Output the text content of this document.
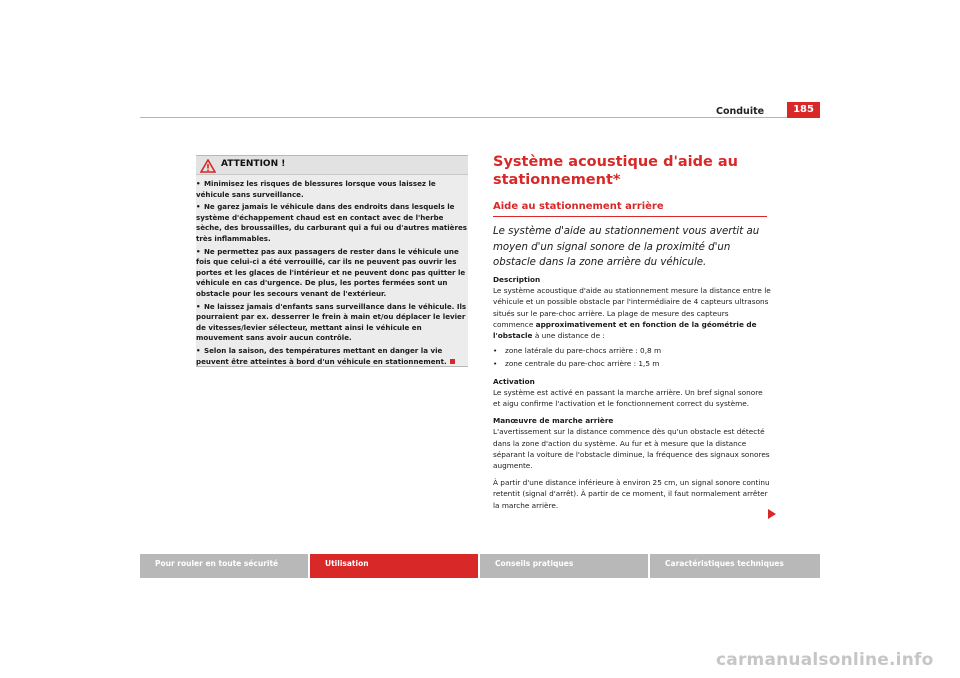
Conduite	185
ATTENTION !
• Minimisez les risques de blessures lorsque vous laissez le véhicule sans surveillance.
• Ne garez jamais le véhicule dans des endroits dans lesquels le système d'échappement chaud est en contact avec de l'herbe sèche, des broussailles, du carburant qui a fui ou d'autres matières très inflammables.
• Ne permettez pas aux passagers de rester dans le véhicule une fois que celui-ci a été verrouillé, car ils ne peuvent pas ouvrir les portes et les glaces de l'intérieur et ne peuvent donc pas quitter le véhicule en cas d'urgence. De plus, les portes fermées sont un obstacle pour les secours venant de l'extérieur.
• Ne laissez jamais d'enfants sans surveillance dans le véhicule. Ils pourraient par ex. desserrer le frein à main et/ou déplacer le levier de vitesses/levier sélecteur, mettant ainsi le véhicule en mouvement sans avoir aucun contrôle.
• Selon la saison, des températures mettant en danger la vie peuvent être atteintes à bord d'un véhicule en stationnement.
Système acoustique d'aide au stationnement*
Aide au stationnement arrière
Le système d'aide au stationnement vous avertit au moyen d'un signal sonore de la proximité d'un obstacle dans la zone arrière du véhicule.
Description

Le système acoustique d'aide au stationnement mesure la distance entre le véhicule et un possible obstacle par l'intermédiaire de 4 capteurs ultrasons situés sur le pare-choc arrière. La plage de mesure des capteurs commence approximativement et en fonction de la géométrie de l'obstacle à une distance de :

• zone latérale du pare-chocs arrière : 0,8 m
• zone centrale du pare-choc arrière : 1,5 m
Activation

Le système est activé en passant la marche arrière. Un bref signal sonore et aigu confirme l'activation et le fonctionnement correct du système.

Manœuvre de marche arrière

L'avertissement sur la distance commence dès qu'un obstacle est détecté dans la zone d'action du système. Au fur et à mesure que la distance séparant la voiture de l'obstacle diminue, la fréquence des signaux sonores augmente.

À partir d'une distance inférieure à environ 25 cm, un signal sonore continu retentit (signal d'arrêt). À partir de ce moment, il faut normalement arrêter la marche arrière.

Pour rouler en toute sécurité	Utilisation	Conseils pratiques	Caractéristiques techniques
carmanualsonline.info
